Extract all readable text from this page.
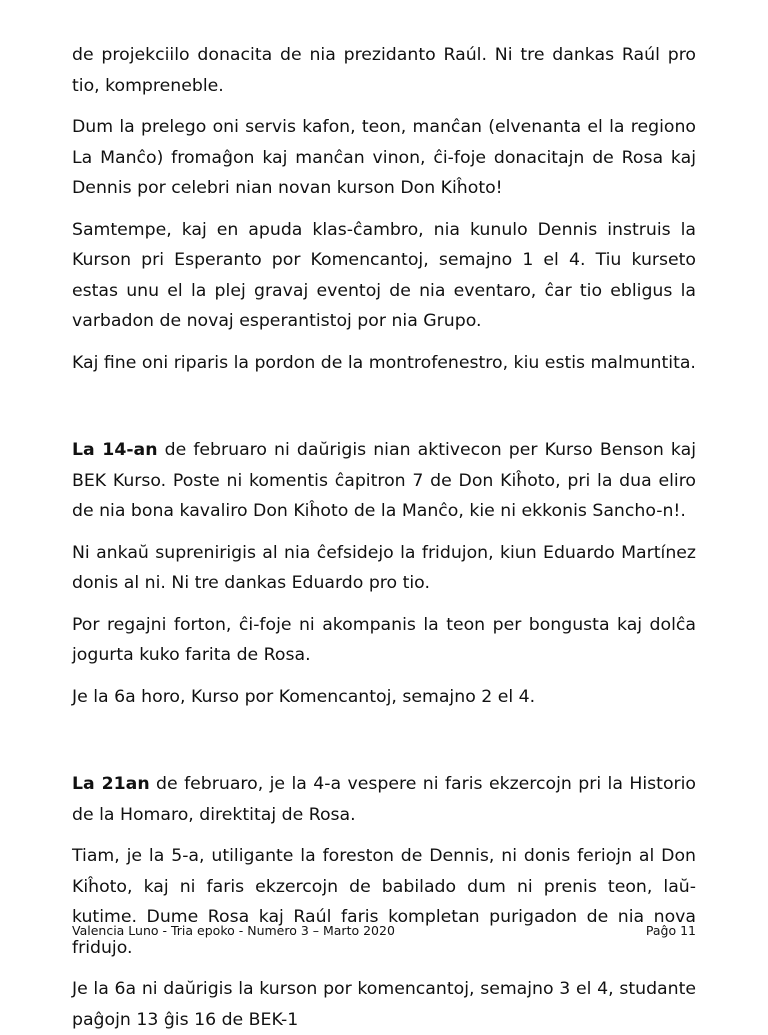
de projekciilo donacita de nia prezidanto Raúl. Ni tre dankas Raúl pro tio, kompreneble.

Dum la prelego oni servis kafon, teon, manĉan (elvenanta el la regiono La Manĉo) fromaĝon kaj manĉan vinon, ĉi-foje donacitajn de Rosa kaj Dennis por celebri nian novan kurson Don Kiĥoto!

Samtempe, kaj en apuda klas-ĉambro, nia kunulo Dennis instruis la Kurson pri Esperanto por Komencantoj, semajno 1 el 4. Tiu kurseto estas unu el la plej gravaj eventoj de nia eventaro, ĉar tio ebligus la varbadon de novaj esperantistoj por nia Grupo.

Kaj fine oni riparis la pordon de la montrofenestro, kiu estis malmuntita.

La 14-an de februaro ni daŭrigis nian aktivecon per Kurso Benson kaj BEK Kurso. Poste ni komentis ĉapitron 7 de Don Kiĥoto, pri la dua eliro de nia bona kavaliro Don Kiĥoto de la Manĉo, kie ni ekkonis Sancho-n!.

Ni ankaŭ suprenirigis al nia ĉefsidejo la fridujon, kiun Eduardo Martínez donis al ni. Ni tre dankas Eduardo pro tio.

Por regajni forton, ĉi-foje ni akompanis la teon per bongusta kaj dolĉa jogurta kuko farita de Rosa.

Je la 6a horo, Kurso por Komencantoj, semajno 2 el 4.

La 21an de februaro, je la 4-a vespere ni faris ekzercojn pri la Historio de la Homaro, direktitaj de Rosa.

Tiam, je la 5-a, utiligante la foreston de Dennis, ni donis feriojn al Don Kiĥoto, kaj ni faris ekzercojn de babilado dum ni prenis teon, laŭ-kutime. Dume Rosa kaj Raúl faris kompletan purigadon de nia nova fridujo.

Je la 6a ni daŭrigis la kurson por komencantoj, semajno 3 el 4, studante paĝojn 13 ĝis 16 de BEK-1

Valencia Luno - Tria epoko - Numero 3 – Marto 2020	Paĝo 11
